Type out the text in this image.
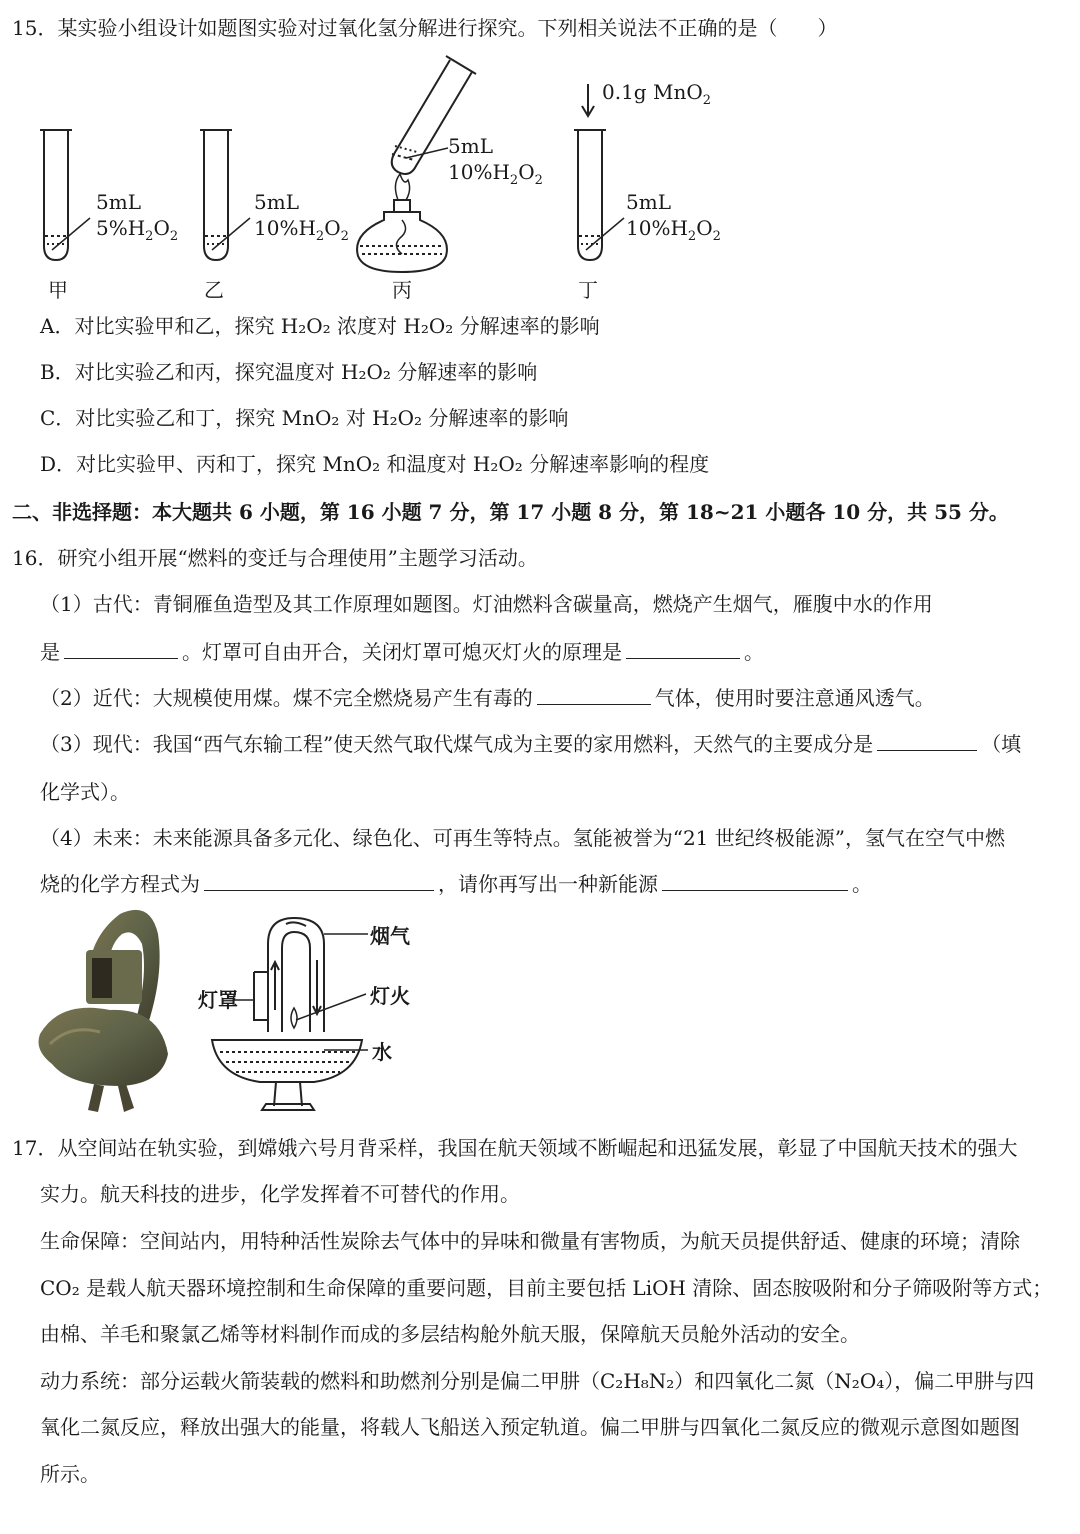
15．某实验小组设计如题图实验对过氧化氢分解进行探究。下列相关说法不正确的是（　　）
5mL
$5\%H_2O_2$
甲
5mL
$10\%H_2O_2$
乙
5mL
$10\%H_2O_2$
丙
0.1g MnO$_2$
5mL
$10\%H_2O_2$
丁
A．对比实验甲和乙，探究 H₂O₂ 浓度对 H₂O₂ 分解速率的影响
B．对比实验乙和丙，探究温度对 H₂O₂ 分解速率的影响
C．对比实验乙和丁，探究 MnO₂ 对 H₂O₂ 分解速率的影响
D．对比实验甲、丙和丁，探究 MnO₂ 和温度对 H₂O₂ 分解速率影响的程度
二、非选择题：本大题共 6 小题，第 16 小题 7 分，第 17 小题 8 分，第 18~21 小题各 10 分，共 55 分。
16．研究小组开展“燃料的变迁与合理使用”主题学习活动。
（1）古代：青铜雁鱼造型及其工作原理如题图。灯油燃料含碳量高，燃烧产生烟气，雁腹中水的作用
是	。灯罩可自由开合，关闭灯罩可熄灭灯火的原理是	。
（2）近代：大规模使用煤。煤不完全燃烧易产生有毒的	气体，使用时要注意通风透气。
（3）现代：我国“西气东输工程”使天然气取代煤气成为主要的家用燃料，天然气的主要成分是	（填
化学式）。
（4）未来：未来能源具备多元化、绿色化、可再生等特点。氢能被誉为“21 世纪终极能源”，氢气在空气中燃
烧的化学方程式为	，请你再写出一种新能源	。
烟气
灯罩	灯火
水
17．从空间站在轨实验，到嫦娥六号月背采样，我国在航天领域不断崛起和迅猛发展，彰显了中国航天技术的强大
实力。航天科技的进步，化学发挥着不可替代的作用。
生命保障：空间站内，用特种活性炭除去气体中的异味和微量有害物质，为航天员提供舒适、健康的环境；清除
CO₂ 是载人航天器环境控制和生命保障的重要问题，目前主要包括 LiOH 清除、固态胺吸附和分子筛吸附等方式；
由棉、羊毛和聚氯乙烯等材料制作而成的多层结构舱外航天服，保障航天员舱外活动的安全。
动力系统：部分运载火箭装载的燃料和助燃剂分别是偏二甲肼（C₂H₈N₂）和四氧化二氮（N₂O₄），偏二甲肼与四
氧化二氮反应，释放出强大的能量，将载人飞船送入预定轨道。偏二甲肼与四氧化二氮反应的微观示意图如题图
所示。
